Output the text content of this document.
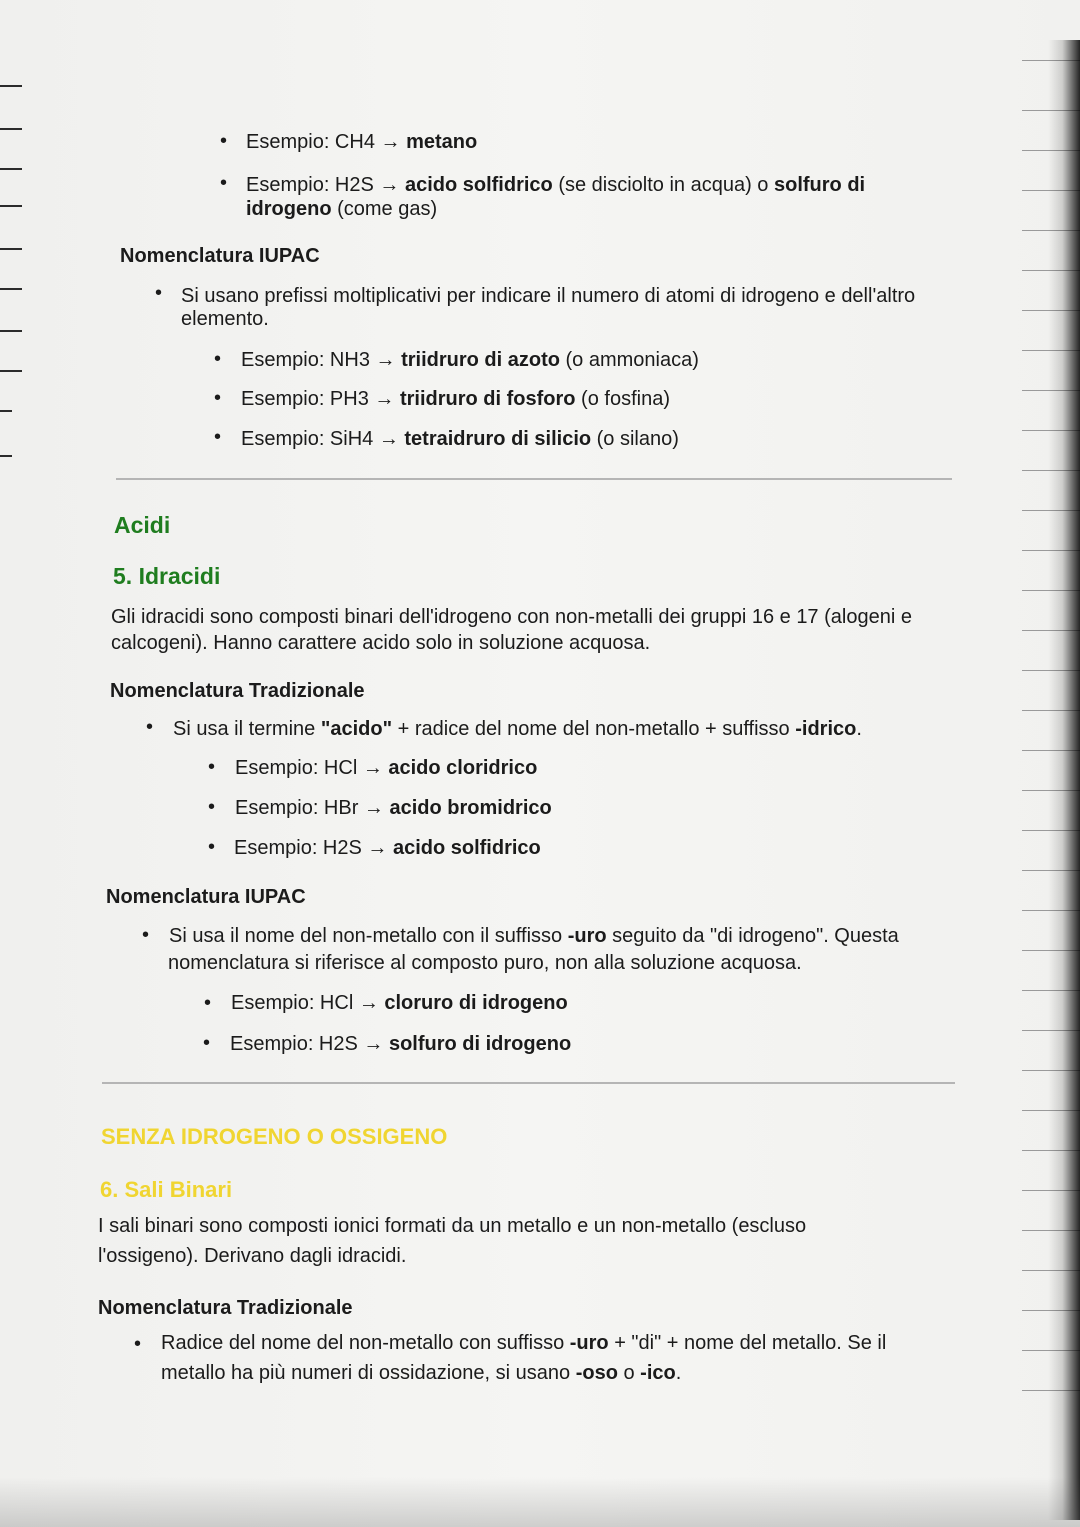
• Esempio: CH4 → metano
• Esempio: H2S → acido solfidrico (se disciolto in acqua) o solfuro di
idrogeno (come gas)
Nomenclatura IUPAC
• Si usano prefissi moltiplicativi per indicare il numero di atomi di idrogeno e dell'altro
elemento.
• Esempio: NH3 → triidruro di azoto (o ammoniaca)
• Esempio: PH3 → triidruro di fosforo (o fosfina)
• Esempio: SiH4 → tetraidruro di silicio (o silano)
Acidi
5. Idracidi
Gli idracidi sono composti binari dell'idrogeno con non-metalli dei gruppi 16 e 17 (alogeni e
calcogeni). Hanno carattere acido solo in soluzione acquosa.
Nomenclatura Tradizionale
• Si usa il termine "acido" + radice del nome del non-metallo + suffisso -idrico.
• Esempio: HCl → acido cloridrico
• Esempio: HBr → acido bromidrico
• Esempio: H2S → acido solfidrico
Nomenclatura IUPAC
• Si usa il nome del non-metallo con il suffisso -uro seguito da "di idrogeno". Questa
nomenclatura si riferisce al composto puro, non alla soluzione acquosa.
• Esempio: HCl → cloruro di idrogeno
• Esempio: H2S → solfuro di idrogeno
SENZA IDROGENO O OSSIGENO
6. Sali Binari
I sali binari sono composti ionici formati da un metallo e un non-metallo (escluso
l'ossigeno). Derivano dagli idracidi.
Nomenclatura Tradizionale
• Radice del nome del non-metallo con suffisso -uro + "di" + nome del metallo. Se il
metallo ha più numeri di ossidazione, si usano -oso o -ico.
